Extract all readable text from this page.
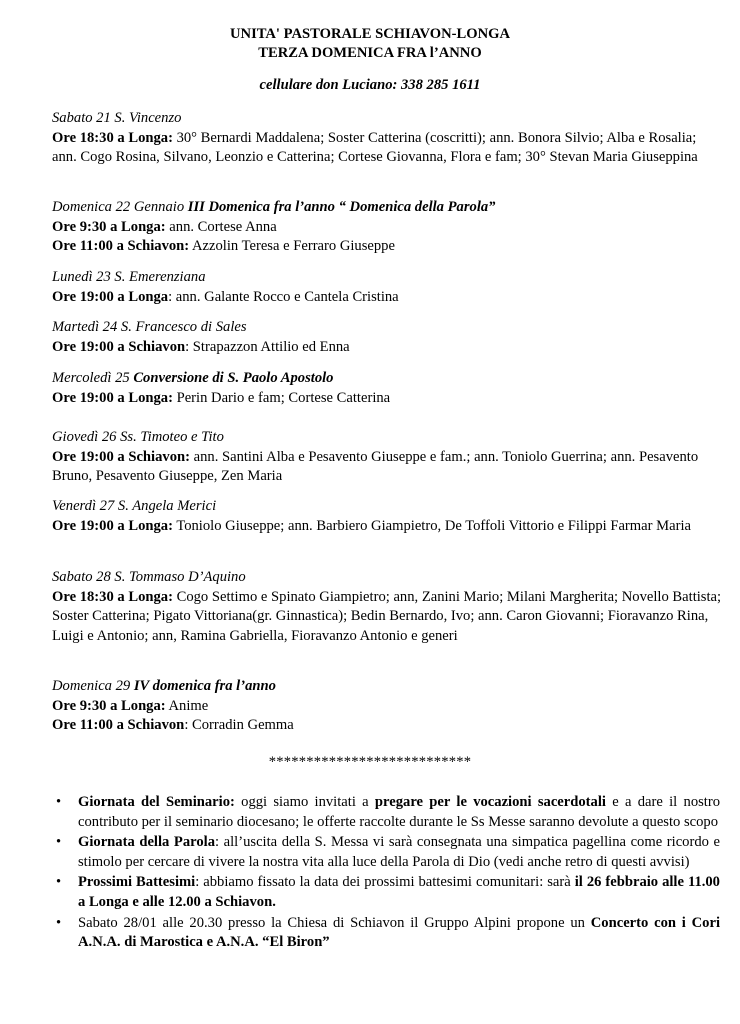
UNITA' PASTORALE SCHIAVON-LONGA
TERZA DOMENICA FRA l’ANNO
cellulare don Luciano: 338 285 1611
Sabato 21 S. Vincenzo
Ore 18:30 a Longa: 30° Bernardi Maddalena; Soster Catterina (coscritti); ann. Bonora Silvio; Alba e Rosalia; ann. Cogo Rosina, Silvano, Leonzio e Catterina; Cortese Giovanna, Flora e fam; 30° Stevan Maria Giuseppina
Domenica 22 Gennaio III Domenica fra l’anno “ Domenica della Parola”
Ore 9:30 a Longa: ann. Cortese Anna
Ore 11:00 a Schiavon: Azzolin Teresa e Ferraro Giuseppe
Lunedì 23 S. Emerenziana
Ore 19:00 a Longa: ann. Galante Rocco e Cantela Cristina
Martedì 24 S. Francesco di Sales
Ore 19:00 a Schiavon: Strapazzon Attilio ed Enna
Mercoledì 25 Conversione di S. Paolo Apostolo
Ore 19:00 a Longa: Perin Dario e fam; Cortese Catterina
Giovedì 26 Ss. Timoteo e Tito
Ore 19:00 a Schiavon: ann. Santini Alba e Pesavento Giuseppe e fam.; ann. Toniolo Guerrina; ann. Pesavento Bruno, Pesavento Giuseppe, Zen Maria
Venerdì 27 S. Angela Merici
Ore 19:00 a Longa: Toniolo Giuseppe; ann. Barbiero Giampietro, De Toffoli Vittorio e Filippi Farmar Maria
Sabato 28 S. Tommaso D’Aquino
Ore 18:30 a Longa: Cogo Settimo e Spinato Giampietro; ann, Zanini Mario; Milani Margherita; Novello Battista; Soster Catterina; Pigato Vittoriana(gr. Ginnastica); Bedin Bernardo, Ivo; ann. Caron Giovanni; Fioravanzo Rina, Luigi e Antonio; ann, Ramina Gabriella, Fioravanzo Antonio e generi
Domenica 29 IV domenica fra l’anno
Ore 9:30 a Longa: Anime
Ore 11:00 a Schiavon: Corradin Gemma
***************************
• Giornata del Seminario: oggi siamo invitati a pregare per le vocazioni sacerdotali e a dare il nostro contributo per il seminario diocesano; le offerte raccolte durante le Ss Messe saranno devolute a questo scopo
• Giornata della Parola: all’uscita della S. Messa vi sarà consegnata una simpatica pagellina come ricordo e stimolo per cercare di vivere la nostra vita alla luce della Parola di Dio (vedi anche retro di questi avvisi)
• Prossimi Battesimi: abbiamo fissato la data dei prossimi battesimi comunitari: sarà il 26 febbraio alle 11.00 a Longa e alle 12.00 a Schiavon.
• Sabato 28/01 alle 20.30 presso la Chiesa di Schiavon il Gruppo Alpini propone un Concerto con i Cori A.N.A. di Marostica e A.N.A. “El Biron”
